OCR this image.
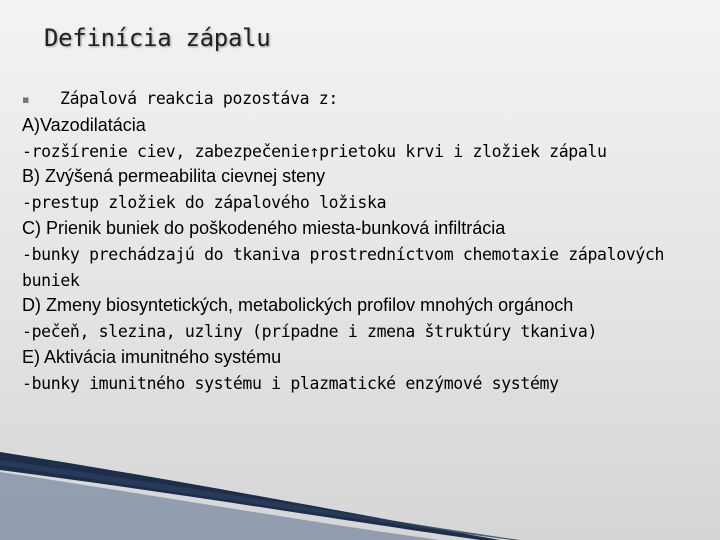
Definícia zápalu

▪ Zápalová reakcia pozostáva z:

A)Vazodilatácia

-rozšírenie ciev, zabezpečenie↑prietoku krvi i zložiek zápalu

B) Zvýšená permeabilita cievnej steny

-prestup zložiek do zápalového ložiska

C) Prienik buniek do poškodeného miesta-bunková infiltrácia

-bunky prechádzajú do tkaniva prostredníctvom chemotaxie zápalových buniek

D) Zmeny biosyntetických, metabolických profilov mnohých orgánoch

-pečeň, slezina, uzliny (prípadne i zmena štruktúry tkaniva)

E) Aktivácia imunitného systému

-bunky imunitného systému i plazmatické enzýmové systémy
